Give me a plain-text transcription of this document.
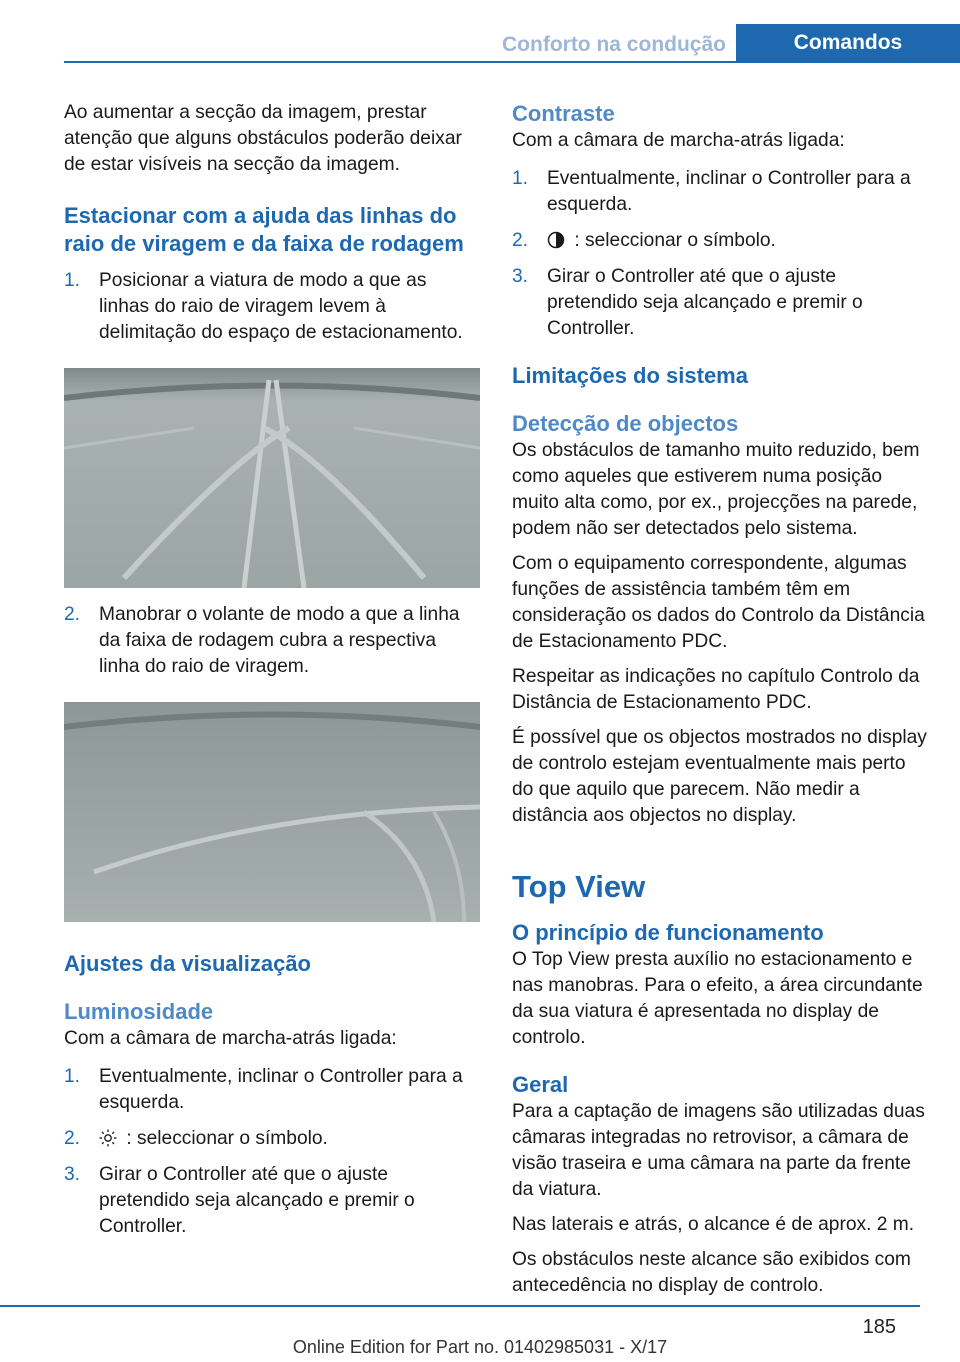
Conforto na condução	Comandos

Ao aumentar a secção da imagem, prestar atenção que alguns obstáculos poderão deixar de estar visíveis na secção da imagem.

Estacionar com a ajuda das linhas do raio de viragem e da faixa de rodagem
1. Posicionar a viatura de modo a que as linhas do raio de viragem levem à delimitação do espaço de estacionamento.
2. Manobrar o volante de modo a que a linha da faixa de rodagem cubra a respectiva linha do raio de viragem.
Ajustes da visualização
Luminosidade

Com a câmara de marcha-atrás ligada:

1. Eventualmente, inclinar o Controller para a esquerda.
2. : seleccionar o símbolo.
3. Girar o Controller até que o ajuste pretendido seja alcançado e premir o Controller.
Contraste

Com a câmara de marcha-atrás ligada:

1. Eventualmente, inclinar o Controller para a esquerda.
2. : seleccionar o símbolo.
3. Girar o Controller até que o ajuste pretendido seja alcançado e premir o Controller.
Limitações do sistema
Detecção de objectos

Os obstáculos de tamanho muito reduzido, bem como aqueles que estiverem numa posição muito alta como, por ex., projecções na parede, podem não ser detectados pelo sistema.

Com o equipamento correspondente, algumas funções de assistência também têm em consideração os dados do Controlo da Distância de Estacionamento PDC.

Respeitar as indicações no capítulo Controlo da Distância de Estacionamento PDC.

É possível que os objectos mostrados no display de controlo estejam eventualmente mais perto do que aquilo que parecem. Não medir a distância aos objectos no display.

Top View
O princípio de funcionamento

O Top View presta auxílio no estacionamento e nas manobras. Para o efeito, a área circundante da sua viatura é apresentada no display de controlo.

Geral

Para a captação de imagens são utilizadas duas câmaras integradas no retrovisor, a câmara de visão traseira e uma câmara na parte da frente da viatura.

Nas laterais e atrás, o alcance é de aprox. 2 m.

Os obstáculos neste alcance são exibidos com antecedência no display de controlo.

185
Online Edition for Part no. 01402985031 - X/17
